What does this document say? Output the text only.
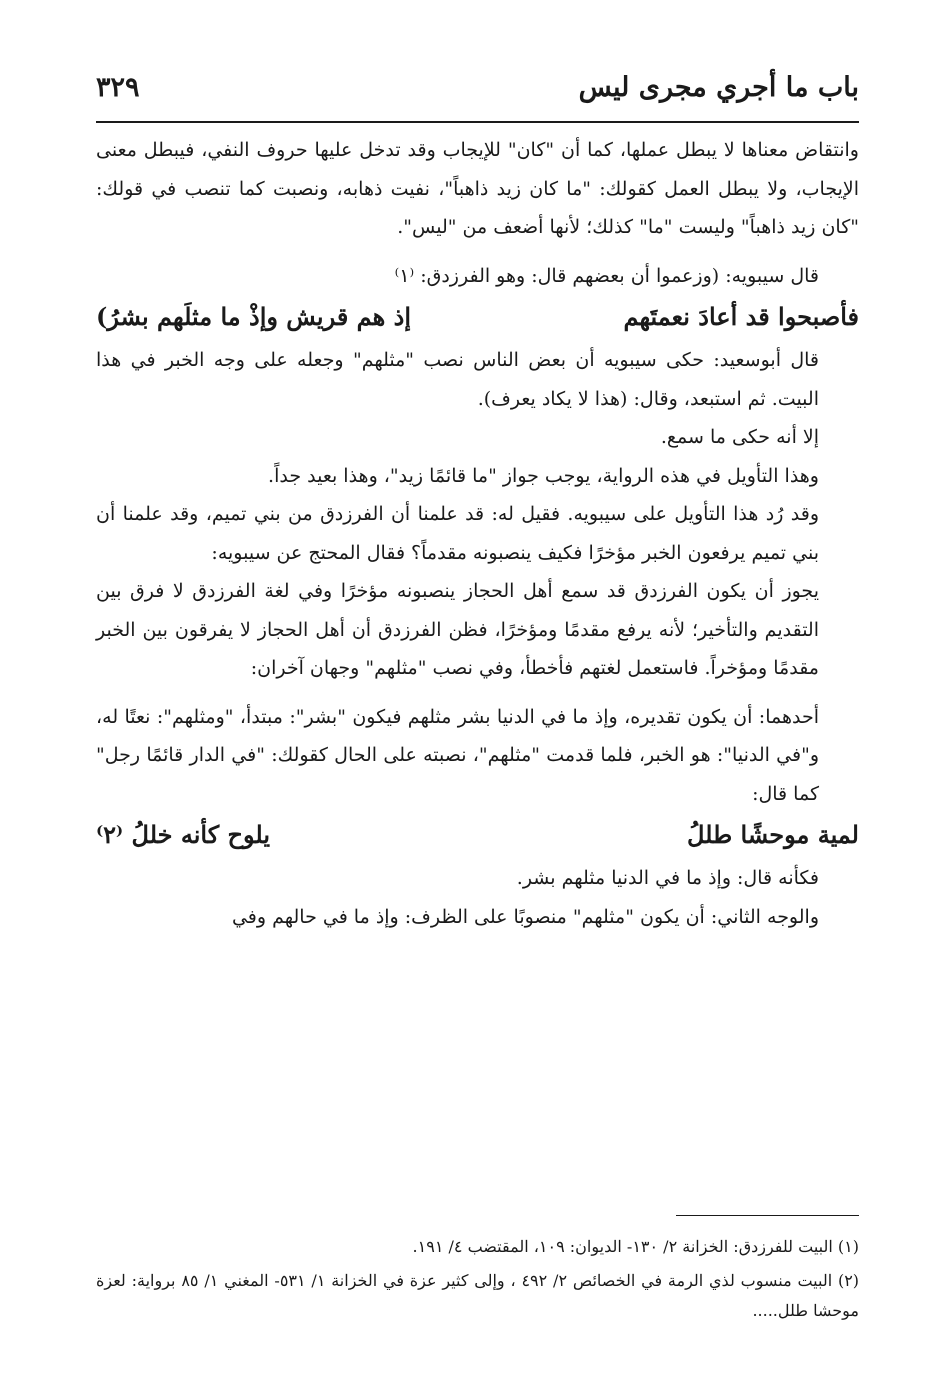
باب ما أجري مجرى ليس
٣٢٩

وانتقاض معناها لا يبطل عملها، كما أن "كان" للإيجاب وقد تدخل عليها حروف النفي، فيبطل معنى الإيجاب، ولا يبطل العمل كقولك: "ما كان زيد ذاهباً"، نفيت ذهابه، ونصبت كما تنصب في قولك: "كان زيد ذاهباً" وليست "ما" كذلك؛ لأنها أضعف من "ليس".

قال سيبويه: (وزعموا أن بعضهم قال: وهو الفرزدق: ⁽١⁾

فأصبحوا قد أعادَ نعمتَهم
إذ هم قريش وإذْ ما مثلَهم بشرُ)

قال أبوسعيد: حكى سيبويه أن بعض الناس نصب "مثلهم" وجعله على وجه الخبر في هذا البيت. ثم استبعد، وقال: (هذا لا يكاد يعرف).

إلا أنه حكى ما سمع.

وهذا التأويل في هذه الرواية، يوجب جواز "ما قائمًا زيد"، وهذا بعيد جداً.

وقد رُد هذا التأويل على سيبويه. فقيل له: قد علمنا أن الفرزدق من بني تميم، وقد علمنا أن بني تميم يرفعون الخبر مؤخرًا فكيف ينصبونه مقدماً؟ فقال المحتج عن سيبويه:

يجوز أن يكون الفرزدق قد سمع أهل الحجاز ينصبونه مؤخرًا وفي لغة الفرزدق لا فرق بين التقديم والتأخير؛ لأنه يرفع مقدمًا ومؤخرًا، فظن الفرزدق أن أهل الحجاز لا يفرقون بين الخبر مقدمًا ومؤخراً. فاستعمل لغتهم فأخطأ، وفي نصب "مثلهم" وجهان آخران:

أحدهما: أن يكون تقديره، وإذ ما في الدنيا بشر مثلهم فيكون "بشر": مبتدأ، "ومثلهم": نعتًا له، و"في الدنيا": هو الخبر، فلما قدمت "مثلهم"، نصبته على الحال كقولك: "في الدار قائمًا رجل" كما قال:

لمية موحشًا طللُ
يلوح كأنه خللُ ⁽٢⁾

فكأنه قال: وإذ ما في الدنيا مثلهم بشر.

والوجه الثاني: أن يكون "مثلهم" منصوبًا على الظرف: وإذ ما في حالهم وفي

(١) البيت للفرزدق: الخزانة ٢/ ١٣٠- الديوان: ١٠٩، المقتضب ٤/ ١٩١.

(٢) البيت منسوب لذي الرمة في الخصائص ٢/ ٤٩٢ ، وإلى كثير عزة في الخزانة ١/ ٥٣١- المغني ١/ ٨٥ برواية: لعزة موحشا طلل.....
